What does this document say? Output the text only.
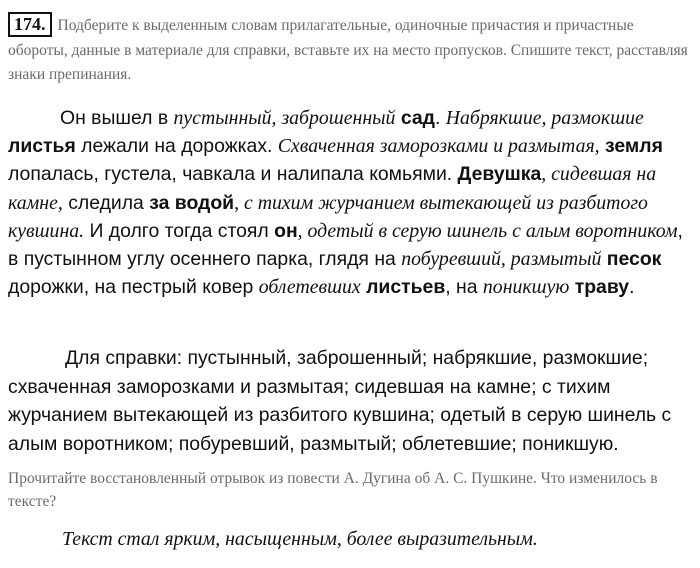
174. Подберите к выделенным словам прилагательные, одиночные причастия и причастные обороты, данные в материале для справки, вставьте их на место пропусков. Спишите текст, расставляя знаки препинания.
Он вышел в пустынный, заброшенный сад. Набрякшие, размокшие листья лежали на дорожках. Схваченная заморозками и размытая, земля лопалась, густела, чавкала и налипала комьями. Девушка, сидевшая на камне, следила за водой, с тихим журчанием вытекающей из разбитого кувшина. И долго тогда стоял он, одетый в серую шинель с алым воротником, в пустынном углу осеннего парка, глядя на побуревший, размытый песок дорожки, на пестрый ковер облетевших листьев, на поникшую траву.
Для справки: пустынный, заброшенный; набрякшие, размокшие; схваченная заморозками и размытая; сидевшая на камне; с тихим журчанием вытекающей из разбитого кувшина; одетый в серую шинель с алым воротником; побуревший, размытый; облетевшие; поникшую.
Прочитайте восстановленный отрывок из повести А. Дугина об А. С. Пушкине. Что изменилось в тексте?
Текст стал ярким, насыщенным, более выразительным.
